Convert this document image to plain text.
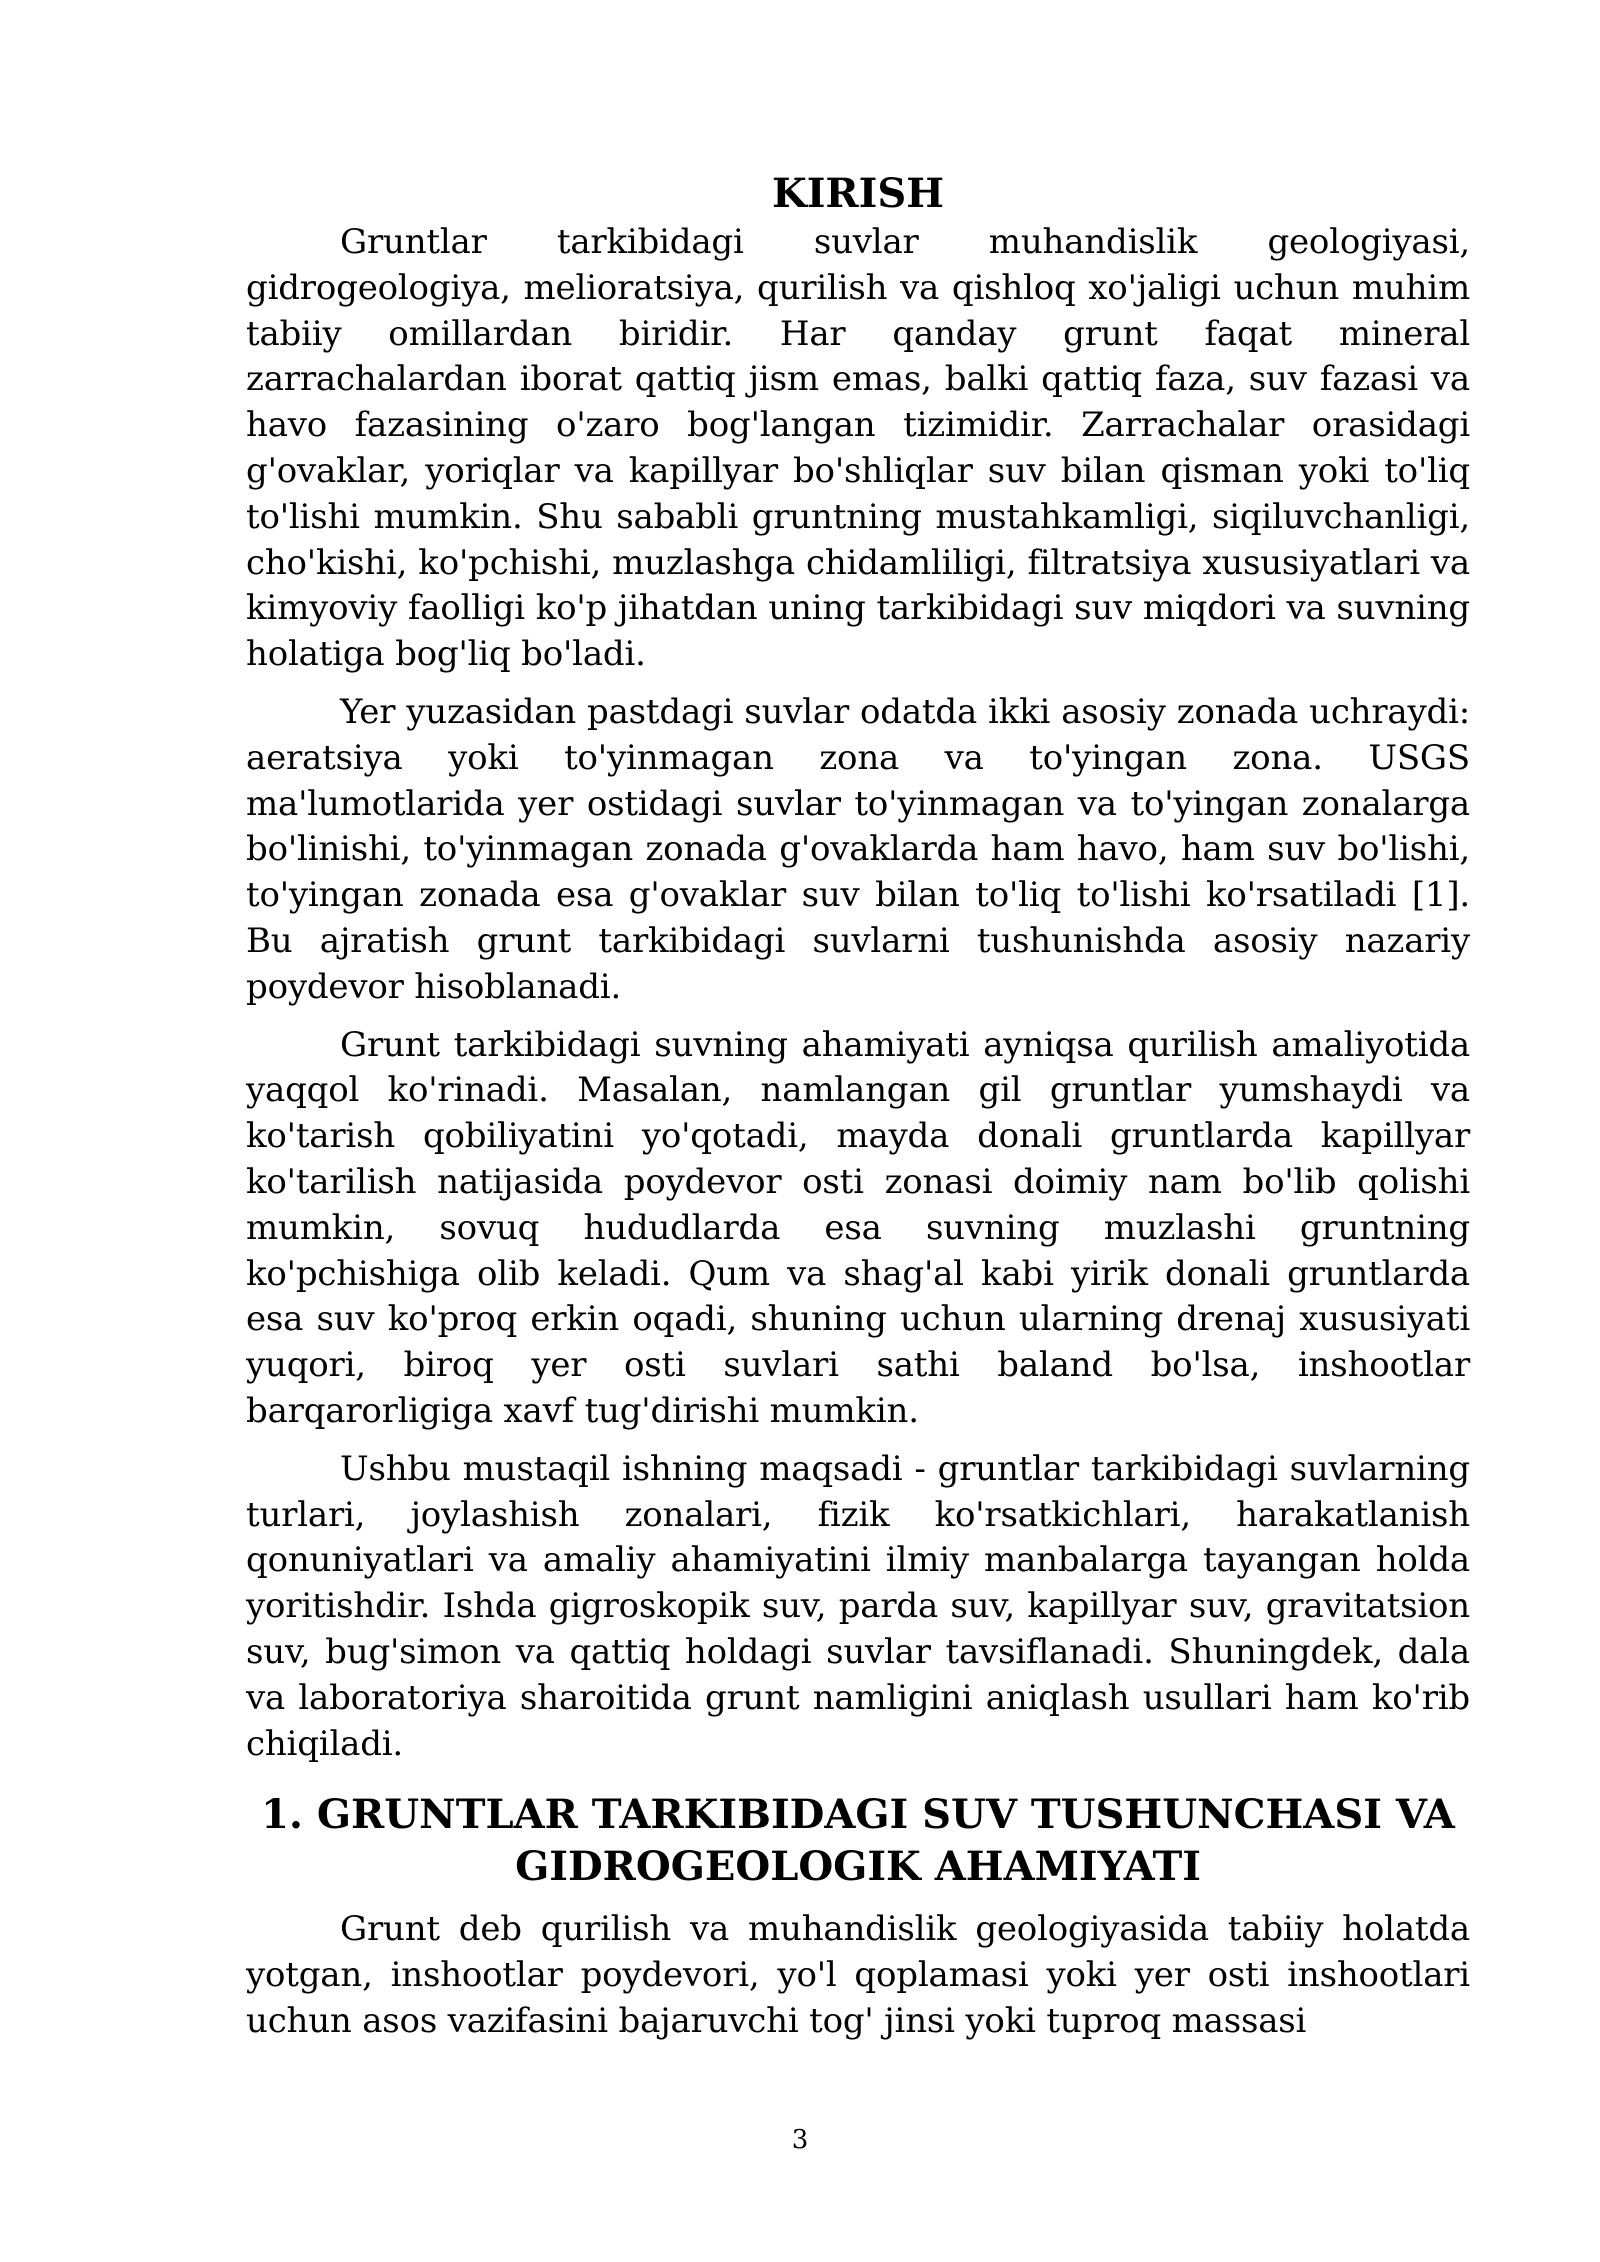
KIRISH

Gruntlar tarkibidagi suvlar muhandislik geologiyasi, gidrogeologiya, melioratsiya, qurilish va qishloq xo'jaligi uchun muhim tabiiy omillardan biridir. Har qanday grunt faqat mineral zarrachalardan iborat qattiq jism emas, balki qattiq faza, suv fazasi va havo fazasining o'zaro bog'langan tizimidir. Zarrachalar orasidagi g'ovaklar, yoriqlar va kapillyar bo'shliqlar suv bilan qisman yoki to'liq to'lishi mumkin. Shu sababli gruntning mustahkamligi, siqiluvchanligi, cho'kishi, ko'pchishi, muzlashga chidamliligi, filtratsiya xususiyatlari va kimyoviy faolligi ko'p jihatdan uning tarkibidagi suv miqdori va suvning holatiga bog'liq bo'ladi.

Yer yuzasidan pastdagi suvlar odatda ikki asosiy zonada uchraydi: aeratsiya yoki to'yinmagan zona va to'yingan zona. USGS ma'lumotlarida yer ostidagi suvlar to'yinmagan va to'yingan zonalarga bo'linishi, to'yinmagan zonada g'ovaklarda ham havo, ham suv bo'lishi, to'yingan zonada esa g'ovaklar suv bilan to'liq to'lishi ko'rsatiladi [1]. Bu ajratish grunt tarkibidagi suvlarni tushunishda asosiy nazariy poydevor hisoblanadi.

Grunt tarkibidagi suvning ahamiyati ayniqsa qurilish amaliyotida yaqqol ko'rinadi. Masalan, namlangan gil gruntlar yumshaydi va ko'tarish qobiliyatini yo'qotadi, mayda donali gruntlarda kapillyar ko'tarilish natijasida poydevor osti zonasi doimiy nam bo'lib qolishi mumkin, sovuq hududlarda esa suvning muzlashi gruntning ko'pchishiga olib keladi. Qum va shag'al kabi yirik donali gruntlarda esa suv ko'proq erkin oqadi, shuning uchun ularning drenaj xususiyati yuqori, biroq yer osti suvlari sathi baland bo'lsa, inshootlar barqarorligiga xavf tug'dirishi mumkin.

Ushbu mustaqil ishning maqsadi - gruntlar tarkibidagi suvlarning turlari, joylashish zonalari, fizik ko'rsatkichlari, harakatlanish qonuniyatlari va amaliy ahamiyatini ilmiy manbalarga tayangan holda yoritishdir. Ishda gigroskopik suv, parda suv, kapillyar suv, gravitatsion suv, bug'simon va qattiq holdagi suvlar tavsiflanadi. Shuningdek, dala va laboratoriya sharoitida grunt namligini aniqlash usullari ham ko'rib chiqiladi.

1. GRUNTLAR TARKIBIDAGI SUV TUSHUNCHASI VA GIDROGEOLOGIK AHAMIYATI

Grunt deb qurilish va muhandislik geologiyasida tabiiy holatda yotgan, inshootlar poydevori, yo'l qoplamasi yoki yer osti inshootlari uchun asos vazifasini bajaruvchi tog' jinsi yoki tuproq massasi

3
